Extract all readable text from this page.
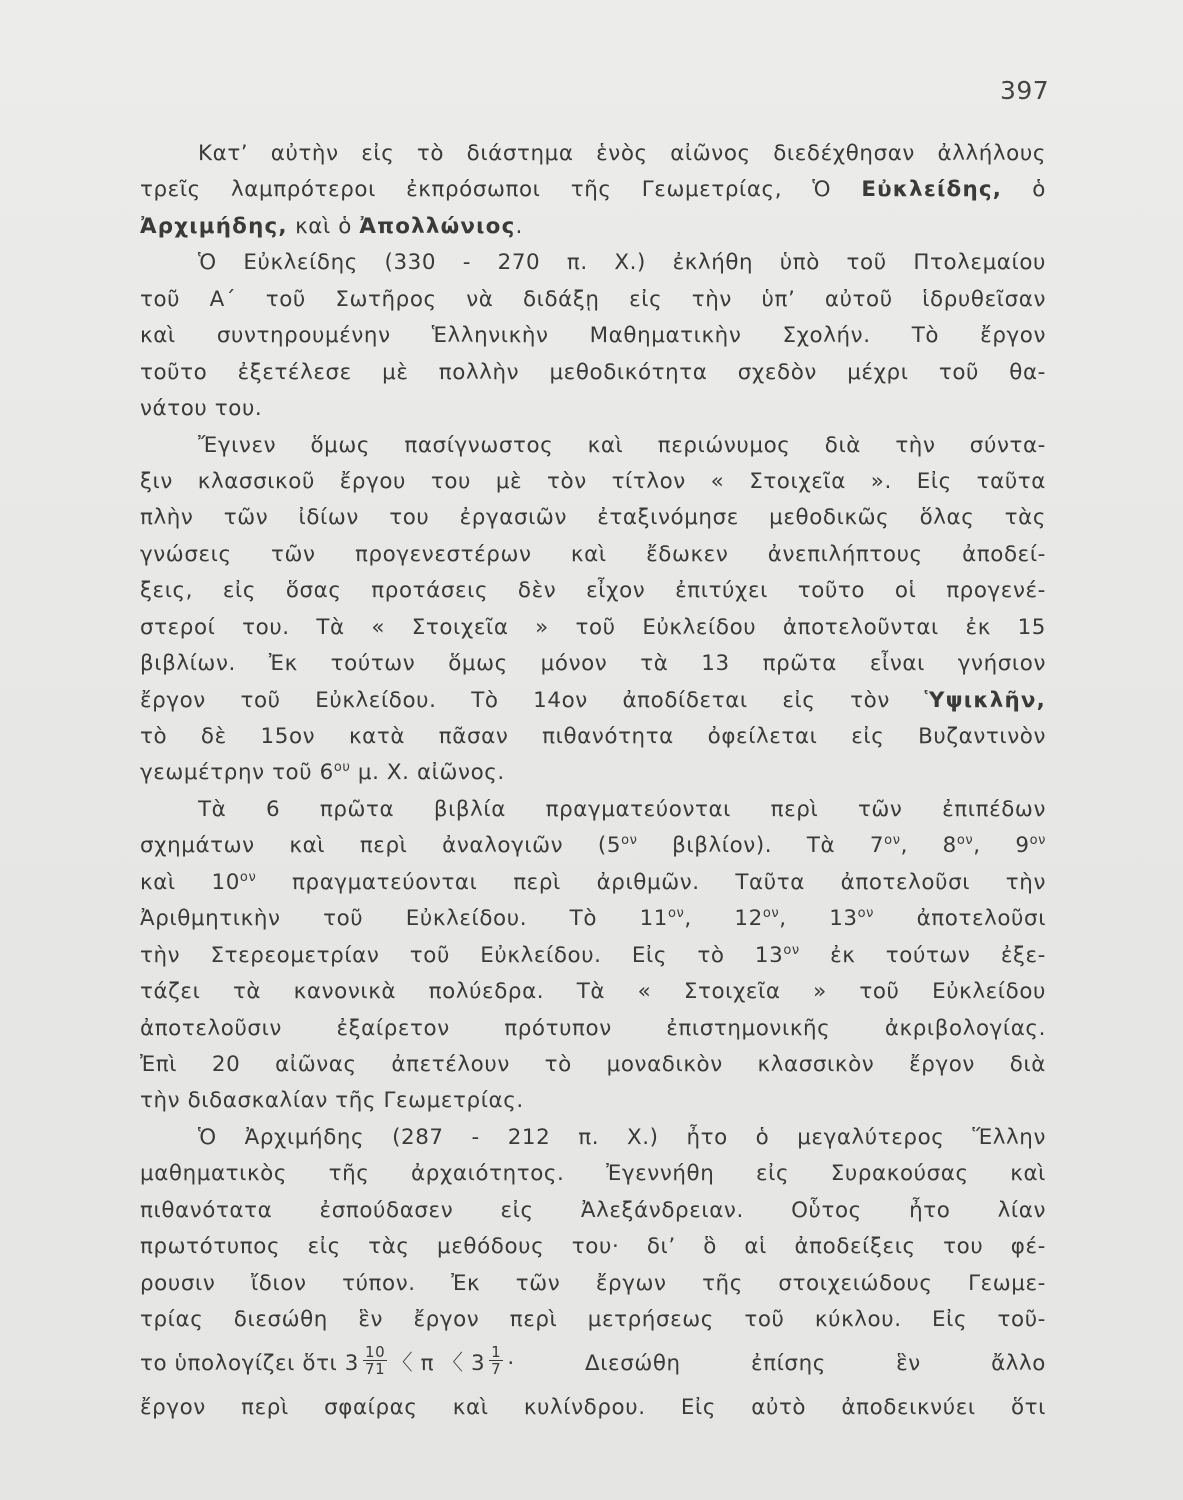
397
Κατ’ αὐτὴν εἰς τὸ διάστημα ἑνὸς αἰῶνος διεδέχθησαν ἀλλήλους
τρεῖς λαμπρότεροι ἐκπρόσωποι τῆς Γεωμετρίας, Ὁ Εὐκλείδης, ὁ
Ἀρχιμήδης, καὶ ὁ Ἀπολλώνιος.
Ὁ Εὐκλείδης (330 - 270 π. Χ.) ἐκλήθη ὑπὸ τοῦ Πτολεμαίου
τοῦ Α΄ τοῦ Σωτῆρος νὰ διδάξῃ εἰς τὴν ὑπ’ αὐτοῦ ἱδρυθεῖσαν
καὶ συντηρουμένην Ἑλληνικὴν Μαθηματικὴν Σχολήν. Τὸ ἔργον
τοῦτο ἐξετέλεσε μὲ πολλὴν μεθοδικότητα σχεδὸν μέχρι τοῦ θα-
νάτου του.
Ἔγινεν ὅμως πασίγνωστος καὶ περιώνυμος διὰ τὴν σύντα-
ξιν κλασσικοῦ ἔργου του μὲ τὸν τίτλον « Στοιχεῖα ». Εἰς ταῦτα
πλὴν τῶν ἰδίων του ἐργασιῶν ἐταξινόμησε μεθοδικῶς ὅλας τὰς
γνώσεις τῶν προγενεστέρων καὶ ἔδωκεν ἀνεπιλήπτους ἀποδεί-
ξεις, εἰς ὅσας προτάσεις δὲν εἶχον ἐπιτύχει τοῦτο οἱ προγενέ-
στεροί του. Τὰ « Στοιχεῖα » τοῦ Εὐκλείδου ἀποτελοῦνται ἐκ 15
βιβλίων. Ἐκ τούτων ὅμως μόνον τὰ 13 πρῶτα εἶναι γνήσιον
ἔργον τοῦ Εὐκλείδου. Τὸ 14ον ἀποδίδεται εἰς τὸν Ὑψικλῆν,
τὸ δὲ 15ον κατὰ πᾶσαν πιθανότητα ὀφείλεται εἰς Βυζαντινὸν
γεωμέτρην τοῦ $6^{o\upsilon}$ μ. Χ. αἰῶνος.
Τὰ 6 πρῶτα βιβλία πραγματεύονται περὶ τῶν ἐπιπέδων
σχημάτων καὶ περὶ ἀναλογιῶν ($5^{o\nu}$ βιβλίον). Τὰ $7^{o\nu}$, $8^{o\nu}$, $9^{o\nu}$
καὶ $10^{o\nu}$ πραγματεύονται περὶ ἀριθμῶν. Ταῦτα ἀποτελοῦσι τὴν
Ἀριθμητικὴν τοῦ Εὐκλείδου. Τὸ $11^{o\nu}$, $12^{o\nu}$, $13^{o\nu}$ ἀποτελοῦσι
τὴν Στερεομετρίαν τοῦ Εὐκλείδου. Εἰς τὸ $13^{o\nu}$ ἐκ τούτων ἐξε-
τάζει τὰ κανονικὰ πολύεδρα. Τὰ « Στοιχεῖα » τοῦ Εὐκλείδου
ἀποτελοῦσιν ἐξαίρετον πρότυπον ἐπιστημονικῆς ἀκριβολογίας.
Ἐπὶ 20 αἰῶνας ἀπετέλουν τὸ μοναδικὸν κλασσικὸν ἔργον διὰ
τὴν διδασκαλίαν τῆς Γεωμετρίας.
Ὁ Ἀρχιμήδης (287 - 212 π. Χ.) ἦτο ὁ μεγαλύτερος Ἕλλην
μαθηματικὸς τῆς ἀρχαιότητος. Ἐγεννήθη εἰς Συρακούσας καὶ
πιθανότατα ἐσπούδασεν εἰς Ἀλεξάνδρειαν. Οὗτος ἦτο λίαν
πρωτότυπος εἰς τὰς μεθόδους του· δι’ ὃ αἱ ἀποδείξεις του φέ-
ρουσιν ἴδιον τύπον. Ἐκ τῶν ἔργων τῆς στοιχειώδους Γεωμε-
τρίας διεσώθη ἓν ἔργον περὶ μετρήσεως τοῦ κύκλου. Εἰς τοῦ-
το ὑπολογίζει ὅτι $3 \frac{10}{71}$ 〈 π 〈 $3 \frac{1}{7} \cdot \Delta\iota\varepsilon\sigma ώ\theta\eta$ ἐπίσης ἓν ἄλλο
ἔργον περὶ σφαίρας καὶ κυλίνδρου. Εἰς αὐτὸ ἀποδεικνύει ὅτι
